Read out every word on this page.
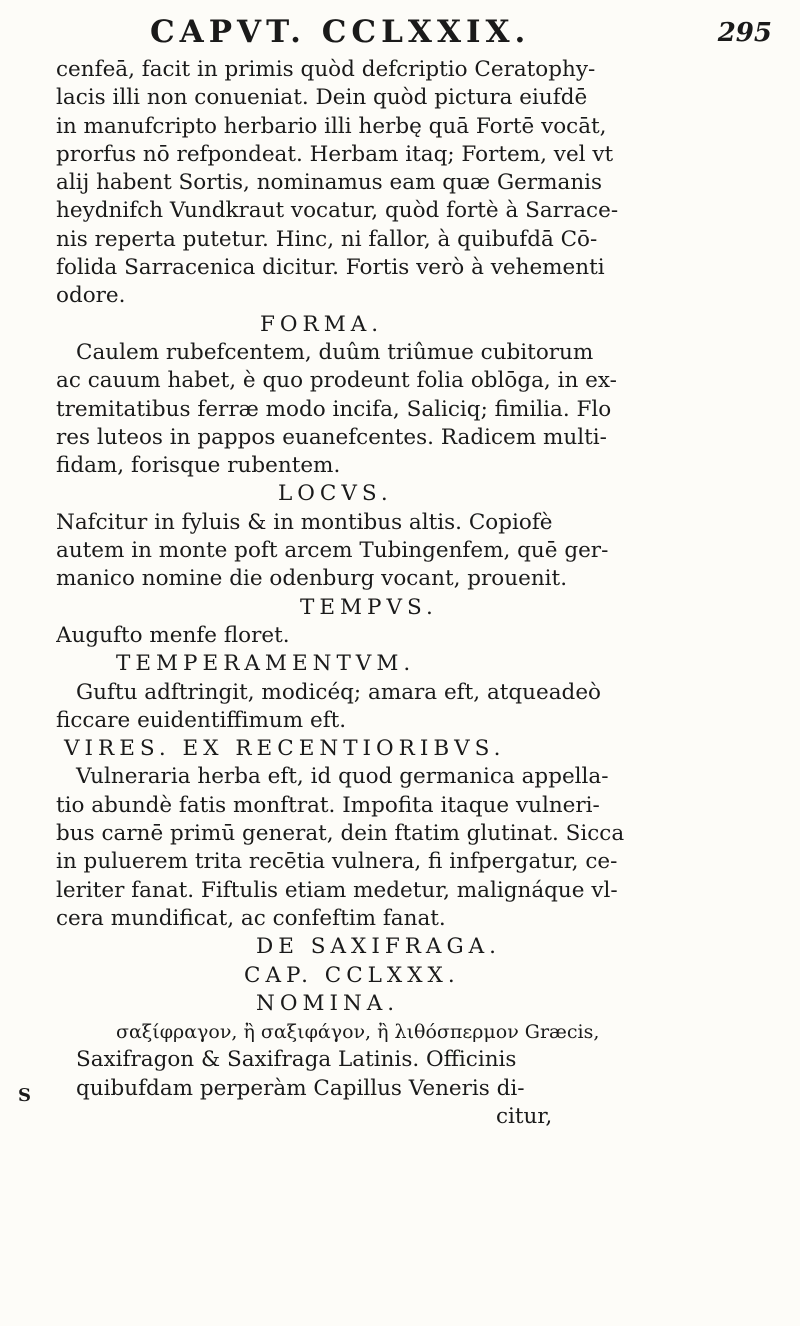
CAPVT. CCLXXIX.	295
cenfeā, facit in primis quòd defcriptio Ceratophy-
lacis illi non conueniat. Dein quòd pictura eiufdē
in manufcripto herbario illi herbę quā Fortē vocāt,
prorfus nō refpondeat. Herbam itaq; Fortem, vel vt
alij habent Sortis, nominamus eam quæ Germanis
heydnifch Vundkraut vocatur, quòd fortè à Sarrace-
nis reperta putetur. Hinc, ni fallor, à quibufdā Cō-
folida Sarracenica dicitur. Fortis verò à vehementi
odore.
FORMA.
Caulem rubefcentem, duûm triûmue cubitorum
ac cauum habet, è quo prodeunt folia oblōga, in ex-
tremitatibus ferræ modo incifa, Saliciq; fimilia. Flo
res luteos in pappos euanefcentes. Radicem multi-
fidam, forisque rubentem.
LOCVS.
Nafcitur in fyluis & in montibus altis. Copiofè
autem in monte poft arcem Tubingenfem, quē ger-
manico nomine die odenburg vocant, prouenit.
TEMPVS.
Augufto menfe floret.
TEMPERAMENTVM.
Guftu adftringit, modicéq; amara eft, atqueadeò
ficcare euidentiffimum eft.
VIRES. EX RECENTIORIBVS.
Vulneraria herba eft, id quod germanica appella-
tio abundè fatis monftrat. Impofita itaque vulneri-
bus carnē primū generat, dein ftatim glutinat. Sicca
in puluerem trita recētia vulnera, fi infpergatur, ce-
leriter fanat. Fiftulis etiam medetur, malignáque vl-
cera mundificat, ac confeftim fanat.
DE SAXIFRAGA.
CAP. CCLXXX.
NOMINA.
σαξίφραγον, ἢ σαξιφάγον, ἢ λιθόσπερμον Græcis,
Saxifragon & Saxifraga Latinis. Officinis
quibufdam perperàm Capillus Veneris di-
citur,
S
